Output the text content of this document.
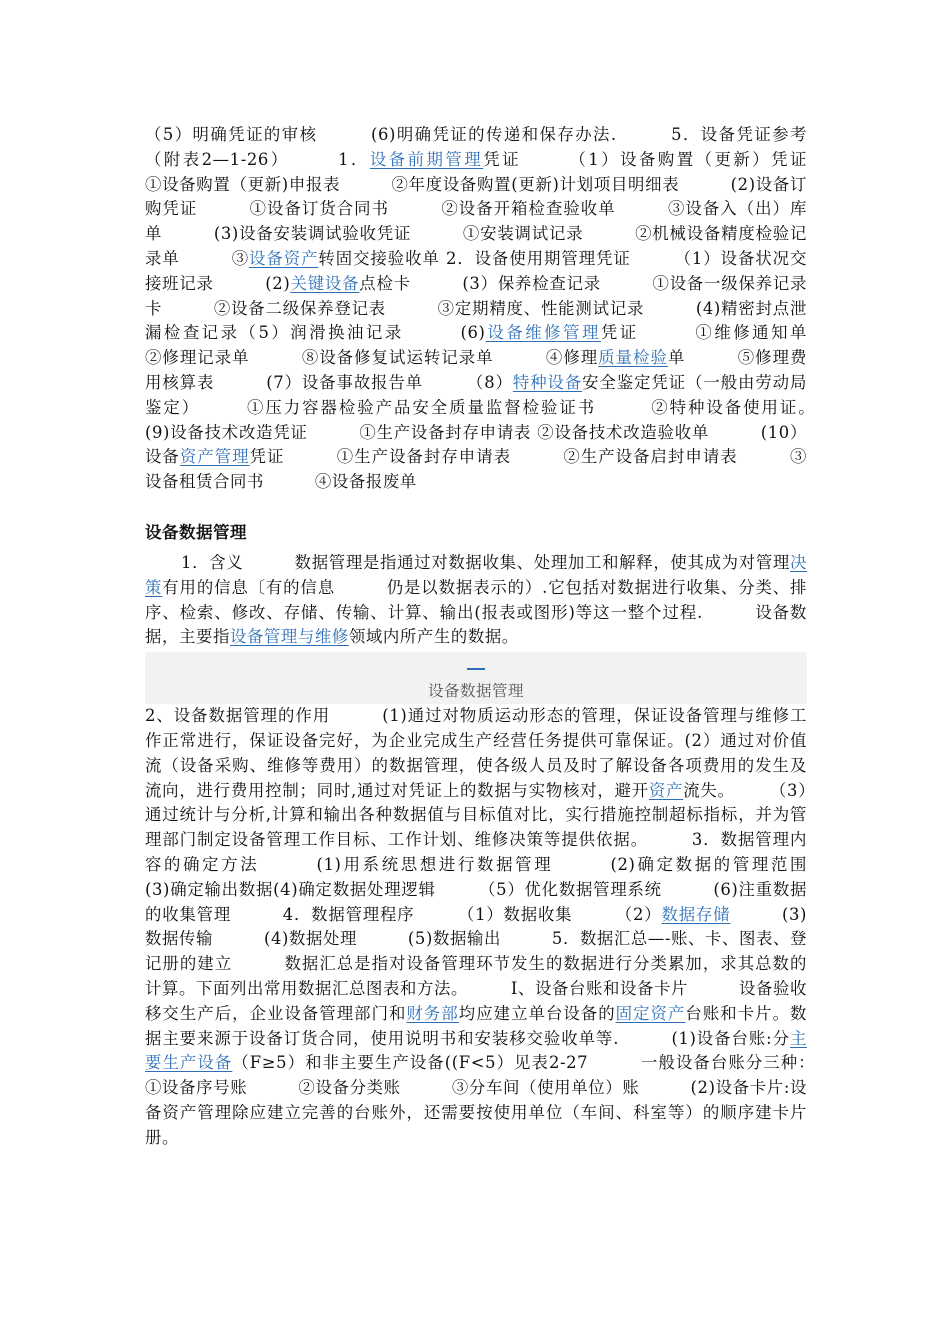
（5）明确凭证的审核　　　(6)明确凭证的传递和保存办法.　　　5．设备凭证参考（附表2—1-26）　　　1．设备前期管理凭证　　　（1）设备购置（更新）凭证　　　①设备购置（更新)申报表　　　②年度设备购置(更新)计划项目明细表　　　(2)设备订购凭证　　　①设备订货合同书　　　②设备开箱检查验收单　　　③设备入（出）库单　　　(3)设备安装调试验收凭证　　　①安装调试记录　　　②机械设备精度检验记录单　　　③设备资产转固交接验收单 2．设备使用期管理凭证　　　（1）设备状况交接班记录　　　(2)关键设备点检卡　　　(3）保养检查记录　　　①设备一级保养记录卡　　　②设备二级保养登记表　　　③定期精度、性能测试记录　　　(4)精密封点泄漏检查记录（5）润滑换油记录　　　(6)设备维修管理凭证　　　①维修通知单　　　②修理记录单　　　⑧设备修复试运转记录单　　　④修理质量检验单　　　⑤修理费用核算表　　　(7）设备事故报告单　　　（8）特种设备安全鉴定凭证（一般由劳动局鉴定）　　　①压力容器检验产品安全质量监督检验证书　　　②特种设备使用证。　　　(9)设备技术改造凭证　　　①生产设备封存申请表 ②设备技术改造验收单　　　(10）设备资产管理凭证　　　①生产设备封存申请表　　　②生产设备启封申请表　　　③设备租赁合同书　　　④设备报废单

设备数据管理

1．含义　　　数据管理是指通过对数据收集、处理加工和解释，使其成为对管理决策有用的信息〔有的信息　　　仍是以数据表示的）.它包括对数据进行收集、分类、排序、检索、修改、存储、传输、计算、输出(报表或图形)等这一整个过程.　　　设备数据，主要指设备管理与维修领域内所产生的数据。

设备数据管理

2、设备数据管理的作用　　　(1)通过对物质运动形态的管理，保证设备管理与维修工作正常进行，保证设备完好，为企业完成生产经营任务提供可靠保证。(2）通过对价值流（设备采购、维修等费用）的数据管理，使各级人员及时了解设备各项费用的发生及流向，进行费用控制；同时,通过对凭证上的数据与实物核对，避开资产流失。　　　（3）通过统计与分析,计算和输出各种数据值与目标值对比，实行措施控制超标指标，并为管理部门制定设备管理工作目标、工作计划、维修决策等提供依据。　　　3．数据管理内容的确定方法　　　(1)用系统思想进行数据管理　　　(2)确定数据的管理范围　　　(3)确定输出数据(4)确定数据处理逻辑　　　（5）优化数据管理系统　　　(6)注重数据的收集管理　　　4．数据管理程序　　　（1）数据收集　　　（2）数据存储　　　(3)数据传输　　　(4)数据处理　　　(5)数据输出　　　5．数据汇总—-账、卡、图表、登记册的建立　　　数据汇总是指对设备管理环节发生的数据进行分类累加，求其总数的计算。下面列出常用数据汇总图表和方法。　　　I、设备台账和设备卡片　　　设备验收移交生产后，企业设备管理部门和财务部均应建立单台设备的固定资产台账和卡片。数据主要来源于设备订货合同，使用说明书和安装移交验收单等.　　　(1)设备台账:分主要生产设备（F≥5）和非主要生产设备((F<5）见表2-27　　　一般设备台账分三种：　　　①设备序号账　　　②设备分类账　　　③分车间（使用单位）账　　　(2)设备卡片:设备资产管理除应建立完善的台账外，还需要按使用单位（车间、科室等）的顺序建卡片册。
